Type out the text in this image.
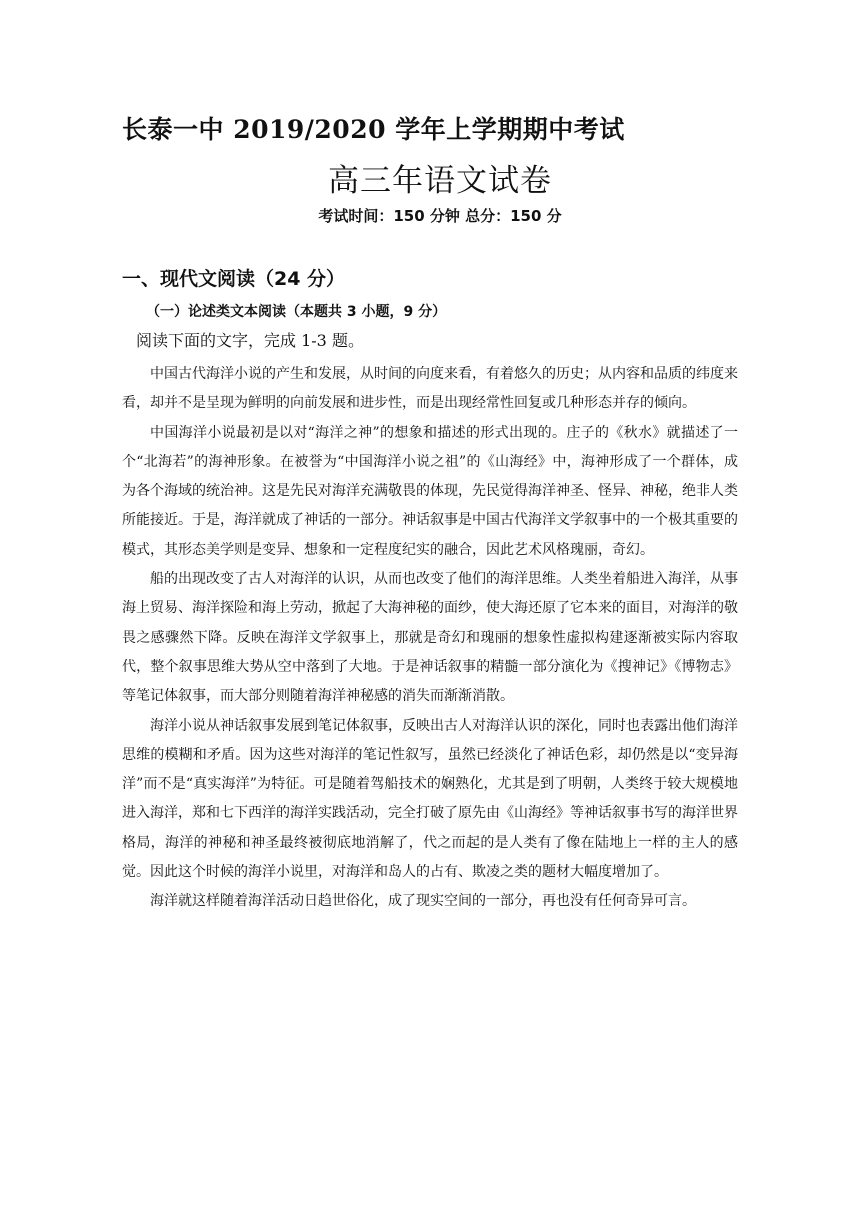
长泰一中 2019/2020 学年上学期期中考试
高三年语文试卷
考试时间：150 分钟 总分：150 分
一、现代文阅读（24 分）
（一）论述类文本阅读（本题共 3 小题，9 分）
阅读下面的文字，完成 1-3 题。

中国古代海洋小说的产生和发展，从时间的向度来看，有着悠久的历史；从内容和品质的纬度来看，却并不是呈现为鲜明的向前发展和进步性，而是出现经常性回复或几种形态并存的倾向。

中国海洋小说最初是以对“海洋之神”的想象和描述的形式出现的。庄子的《秋水》就描述了一个“北海若”的海神形象。在被誉为“中国海洋小说之祖”的《山海经》中，海神形成了一个群体，成为各个海域的统治神。这是先民对海洋充满敬畏的体现，先民觉得海洋神圣、怪异、神秘，绝非人类所能接近。于是，海洋就成了神话的一部分。神话叙事是中国古代海洋文学叙事中的一个极其重要的模式，其形态美学则是变异、想象和一定程度纪实的融合，因此艺术风格瑰丽，奇幻。

船的出现改变了古人对海洋的认识，从而也改变了他们的海洋思维。人类坐着船进入海洋，从事海上贸易、海洋探险和海上劳动，掀起了大海神秘的面纱，使大海还原了它本来的面目，对海洋的敬畏之感骤然下降。反映在海洋文学叙事上，那就是奇幻和瑰丽的想象性虚拟构建逐渐被实际内容取代，整个叙事思维大势从空中落到了大地。于是神话叙事的精髓一部分演化为《搜神记》《博物志》等笔记体叙事，而大部分则随着海洋神秘感的消失而渐渐消散。

海洋小说从神话叙事发展到笔记体叙事，反映出古人对海洋认识的深化，同时也表露出他们海洋思维的模糊和矛盾。因为这些对海洋的笔记性叙写，虽然已经淡化了神话色彩，却仍然是以“变异海洋”而不是“真实海洋”为特征。可是随着驾船技术的娴熟化，尤其是到了明朝，人类终于较大规模地进入海洋，郑和七下西洋的海洋实践活动，完全打破了原先由《山海经》等神话叙事书写的海洋世界格局，海洋的神秘和神圣最终被彻底地消解了，代之而起的是人类有了像在陆地上一样的主人的感觉。因此这个时候的海洋小说里，对海洋和岛人的占有、欺凌之类的题材大幅度增加了。

海洋就这样随着海洋活动日趋世俗化，成了现实空间的一部分，再也没有任何奇异可言。
